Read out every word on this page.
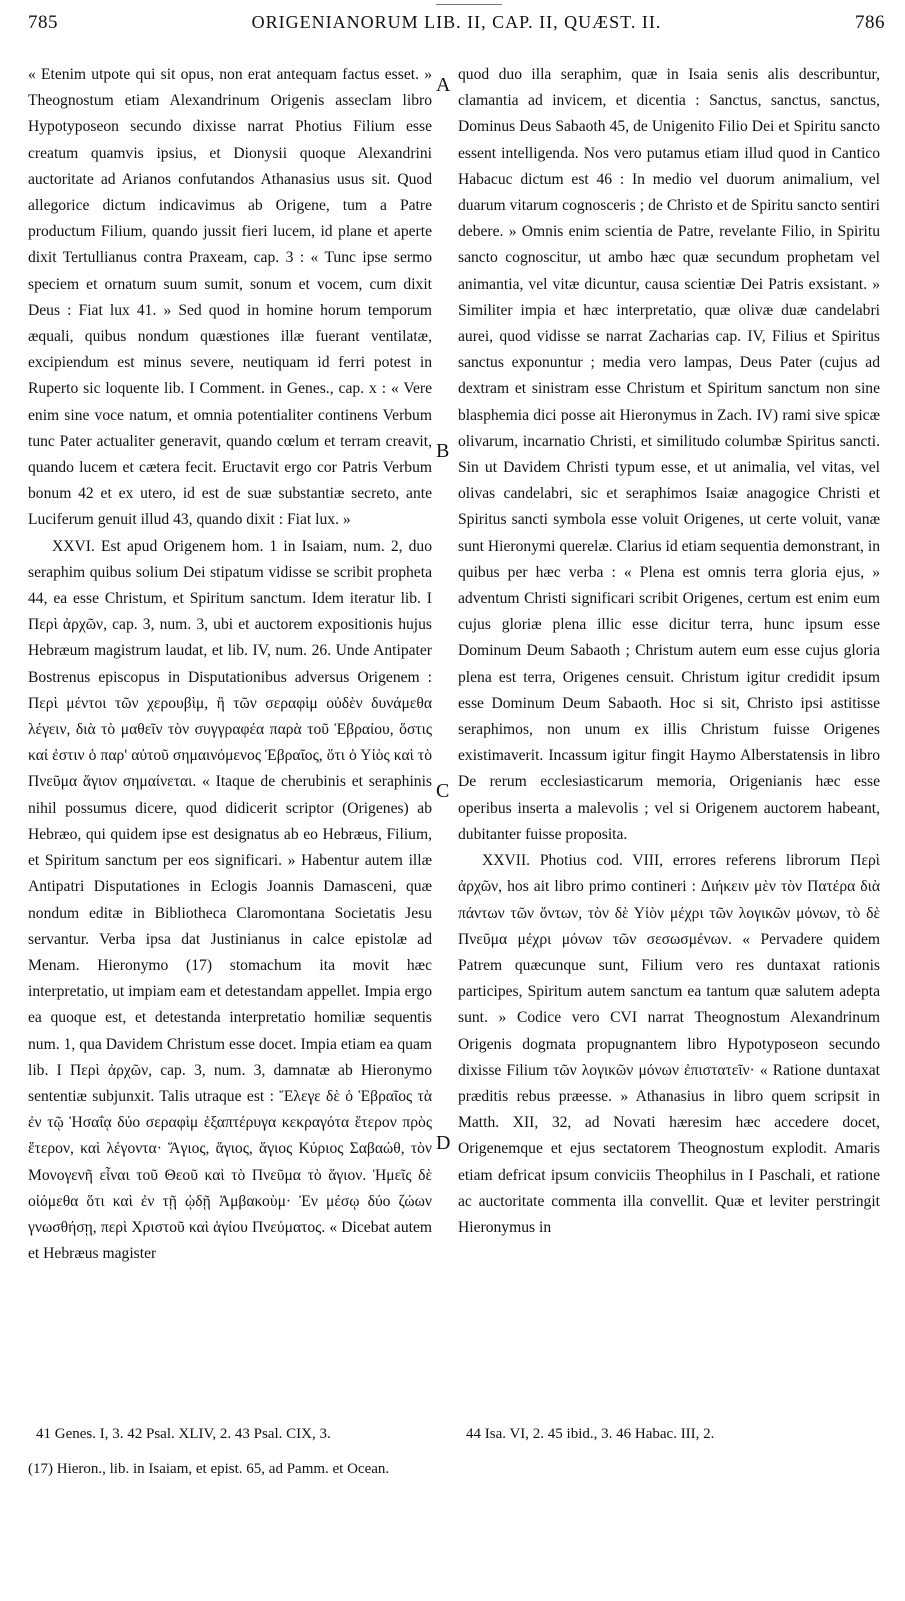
785	ORIGENIANORUM LIB. II, CAP. II, QUÆST. II.	786

« Etenim utpote qui sit opus, non erat antequam factus esset. » Theognostum etiam Alexandrinum Origenis asseclam libro Hypotyposeon secundo dixisse narrat Photius Filium esse creatum quamvis ipsius, et Dionysii quoque Alexandrini auctoritate ad Arianos confutandos Athanasius usus sit. Quod allegorice dictum indicavimus ab Origene, tum a Patre productum Filium, quando jussit fieri lucem, id plane et aperte dixit Tertullianus contra Praxeam, cap. 3 : « Tunc ipse sermo speciem et ornatum suum sumit, sonum et vocem, cum dixit Deus : Fiat lux 41. » Sed quod in homine horum temporum æquali, quibus nondum quæstiones illæ fuerant ventilatæ, excipiendum est minus severe, neutiquam id ferri potest in Ruperto sic loquente lib. I Comment. in Genes., cap. x : « Vere enim sine voce natum, et omnia potentialiter continens Verbum tunc Pater actualiter generavit, quando cœlum et terram creavit, quando lucem et cætera fecit. Eructavit ergo cor Patris Verbum bonum 42 et ex utero, id est de suæ substantiæ secreto, ante Luciferum genuit illud 43, quando dixit : Fiat lux. »

XXVI. Est apud Origenem hom. 1 in Isaiam, num. 2, duo seraphim quibus solium Dei stipatum vidisse se scribit propheta 44, ea esse Christum, et Spiritum sanctum. Idem iteratur lib. I Περὶ ἀρχῶν, cap. 3, num. 3, ubi et auctorem expositionis hujus Hebræum magistrum laudat, et lib. IV, num. 26. Unde Antipater Bostrenus episcopus in Disputationibus adversus Origenem : Περὶ μέντοι τῶν χερουβὶμ, ἢ τῶν σεραφὶμ οὐδὲν δυνάμεθα λέγειν, διὰ τὸ μαθεῖν τὸν συγγραφέα παρὰ τοῦ Ἑβραίου, ὅστις καί ἐστιν ὁ παρ' αὐτοῦ σημαινόμενος Ἑβραῖος, ὅτι ὁ Υἱὸς καὶ τὸ Πνεῦμα ἅγιον σημαίνεται. « Itaque de cherubinis et seraphinis nihil possumus dicere, quod didicerit scriptor (Origenes) ab Hebræo, qui quidem ipse est designatus ab eo Hebræus, Filium, et Spiritum sanctum per eos significari. » Habentur autem illæ Antipatri Disputationes in Eclogis Joannis Damasceni, quæ nondum editæ in Bibliotheca Claromontana Societatis Jesu servantur. Verba ipsa dat Justinianus in calce epistolæ ad Menam. Hieronymo (17) stomachum ita movit hæc interpretatio, ut impiam eam et detestandam appellet. Impia ergo ea quoque est, et detestanda interpretatio homiliæ sequentis num. 1, qua Davidem Christum esse docet. Impia etiam ea quam lib. I Περὶ ἀρχῶν, cap. 3, num. 3, damnatæ ab Hieronymo sententiæ subjunxit. Talis utraque est : Ἔλεγε δὲ ὁ Ἑβραῖος τὰ ἐν τῷ Ἡσαΐᾳ δύο σεραφὶμ ἑξαπτέρυγα κεκραγότα ἕτερον πρὸς ἕτερον, καὶ λέγοντα· Ἅγιος, ἅγιος, ἅγιος Κύριος Σαβαώθ, τὸν Μονογενῆ εἶναι τοῦ Θεοῦ καὶ τὸ Πνεῦμα τὸ ἅγιον. Ἡμεῖς δὲ οἰόμεθα ὅτι καὶ ἐν τῇ ᾠδῇ Ἀμβακοὺμ· Ἐν μέσῳ δύο ζώων γνωσθήσῃ, περὶ Χριστοῦ καὶ ἁγίου Πνεύματος. « Dicebat autem et Hebræus magister

A
B
C
D

quod duo illa seraphim, quæ in Isaia senis alis describuntur, clamantia ad invicem, et dicentia : Sanctus, sanctus, sanctus, Dominus Deus Sabaoth 45, de Unigenito Filio Dei et Spiritu sancto essent intelligenda. Nos vero putamus etiam illud quod in Cantico Habacuc dictum est 46 : In medio vel duorum animalium, vel duarum vitarum cognosceris ; de Christo et de Spiritu sancto sentiri debere. » Omnis enim scientia de Patre, revelante Filio, in Spiritu sancto cognoscitur, ut ambo hæc quæ secundum prophetam vel animantia, vel vitæ dicuntur, causa scientiæ Dei Patris exsistant. » Similiter impia et hæc interpretatio, quæ olivæ duæ candelabri aurei, quod vidisse se narrat Zacharias cap. IV, Filius et Spiritus sanctus exponuntur ; media vero lampas, Deus Pater (cujus ad dextram et sinistram esse Christum et Spiritum sanctum non sine blasphemia dici posse ait Hieronymus in Zach. IV) rami sive spicæ olivarum, incarnatio Christi, et similitudo columbæ Spiritus sancti. Sin ut Davidem Christi typum esse, et ut animalia, vel vitas, vel olivas candelabri, sic et seraphimos Isaiæ anagogice Christi et Spiritus sancti symbola esse voluit Origenes, ut certe voluit, vanæ sunt Hieronymi querelæ. Clarius id etiam sequentia demonstrant, in quibus per hæc verba : « Plena est omnis terra gloria ejus, » adventum Christi significari scribit Origenes, certum est enim eum cujus gloriæ plena illic esse dicitur terra, hunc ipsum esse Dominum Deum Sabaoth ; Christum autem eum esse cujus gloria plena est terra, Origenes censuit. Christum igitur credidit ipsum esse Dominum Deum Sabaoth. Hoc si sit, Christo ipsi astitisse seraphimos, non unum ex illis Christum fuisse Origenes existimaverit. Incassum igitur fingit Haymo Alberstatensis in libro De rerum ecclesiasticarum memoria, Origenianis hæc esse operibus inserta a malevolis ; vel si Origenem auctorem habeant, dubitanter fuisse proposita.

XXVII. Photius cod. VIII, errores referens librorum Περὶ ἀρχῶν, hos ait libro primo contineri : Διήκειν μὲν τὸν Πατέρα διὰ πάντων τῶν ὄντων, τὸν δὲ Υἱὸν μέχρι τῶν λογικῶν μόνων, τὸ δὲ Πνεῦμα μέχρι μόνων τῶν σεσωσμένων. « Pervadere quidem Patrem quæcunque sunt, Filium vero res duntaxat rationis participes, Spiritum autem sanctum ea tantum quæ salutem adepta sunt. » Codice vero CVI narrat Theognostum Alexandrinum Origenis dogmata propugnantem libro Hypotyposeon secundo dixisse Filium τῶν λογικῶν μόνων ἐπιστατεῖν· « Ratione duntaxat præditis rebus præesse. » Athanasius in libro quem scripsit in Matth. XII, 32, ad Novati hæresim hæc accedere docet, Origenemque et ejus sectatorem Theognostum explodit. Amaris etiam defricat ipsum conviciis Theophilus in I Paschali, et ratione ac auctoritate commenta illa convellit. Quæ et leviter perstringit Hieronymus in

41 Genes. I, 3. 42 Psal. XLIV, 2. 43 Psal. CIX, 3.	44 Isa. VI, 2. 45 ibid., 3. 46 Habac. III, 2.
(17) Hieron., lib. in Isaiam, et epist. 65, ad Pamm. et Ocean.
